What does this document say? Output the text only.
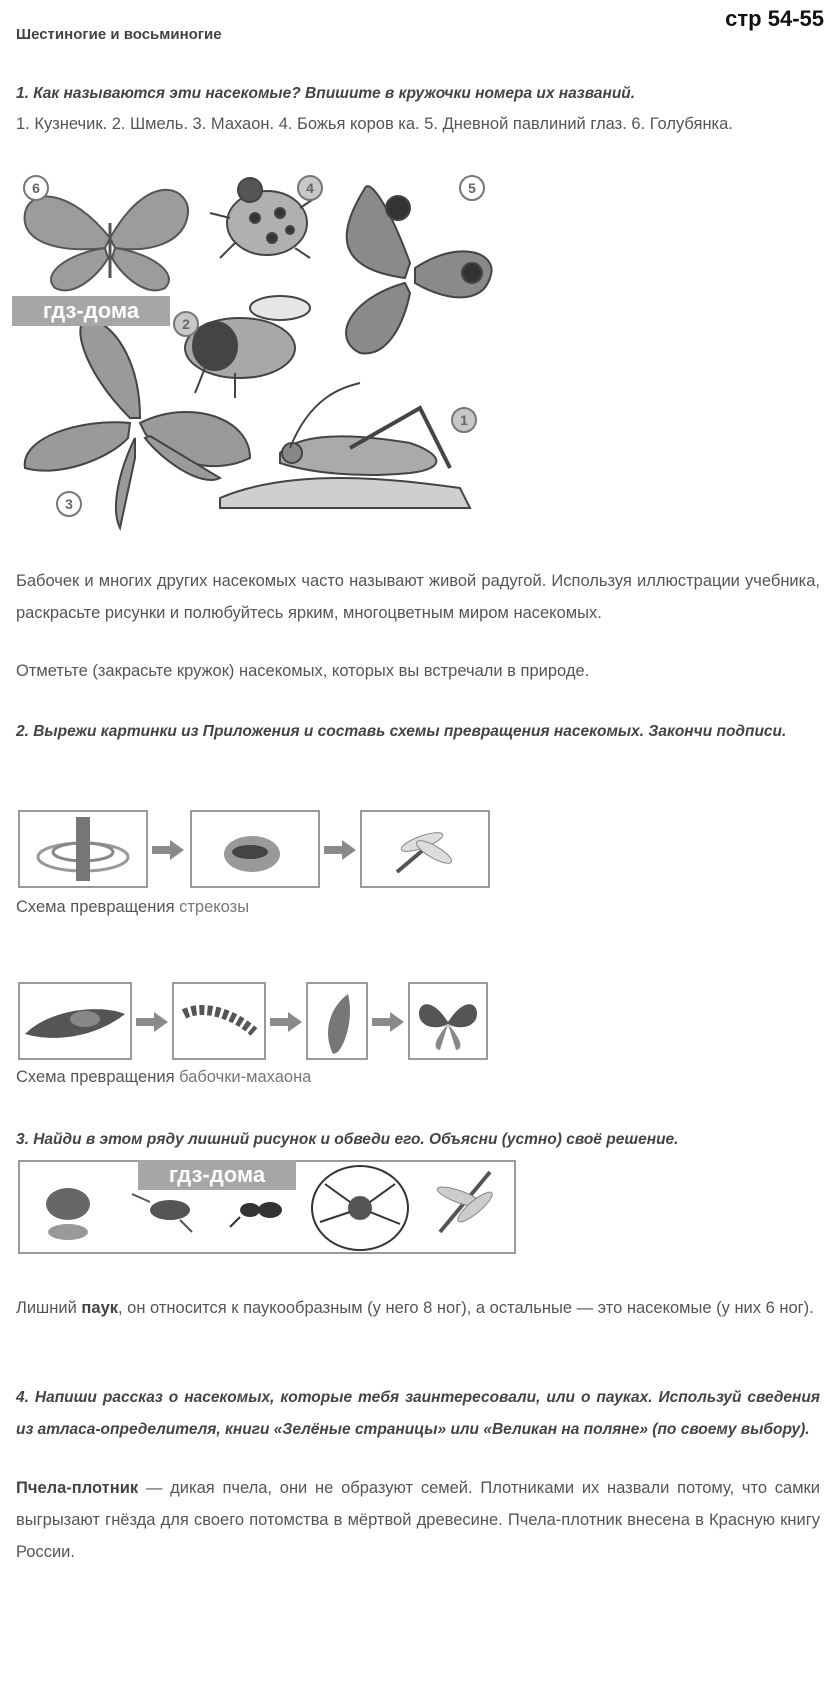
стр 54-55
Шестиногие и восьминогие
1. Как называются эти насекомые? Впишите в кружочки номера их названий.
1. Кузнечик. 2. Шмель. 3. Махаон. 4. Божья коров ка. 5. Дневной павлиний глаз. 6. Голубянка.
6	4	5
2
1
3
гдз-дома
Бабочек и многих других насекомых часто называют живой радугой. Используя иллюстрации учебника, раскрасьте рисунки и полюбуйтесь ярким, многоцветным миром насекомых.
Отметьте (закрасьте кружок) насекомых, которых вы встречали в природе.
2. Вырежи картинки из Приложения и составь схемы превращения насекомых. Закончи подписи.
Схема превращения стрекозы
Схема превращения бабочки-махаона
3. Найди в этом ряду лишний рисунок и обведи его. Объясни (устно) своё решение.
гдз-дома
Лишний паук, он относится к паукообразным (у него 8 ног), а остальные — это насекомые (у них 6 ног).
4. Напиши рассказ о насекомых, которые тебя заинтересовали, или о пауках. Используй сведения из атласа-определителя, книги «Зелёные страницы» или «Великан на поляне» (по своему выбору).
Пчела-плотник — дикая пчела, они не образуют семей. Плотниками их назвали потому, что самки выгрызают гнёзда для своего потомства в мёртвой древесине. Пчела-плотник внесена в Красную книгу России.
